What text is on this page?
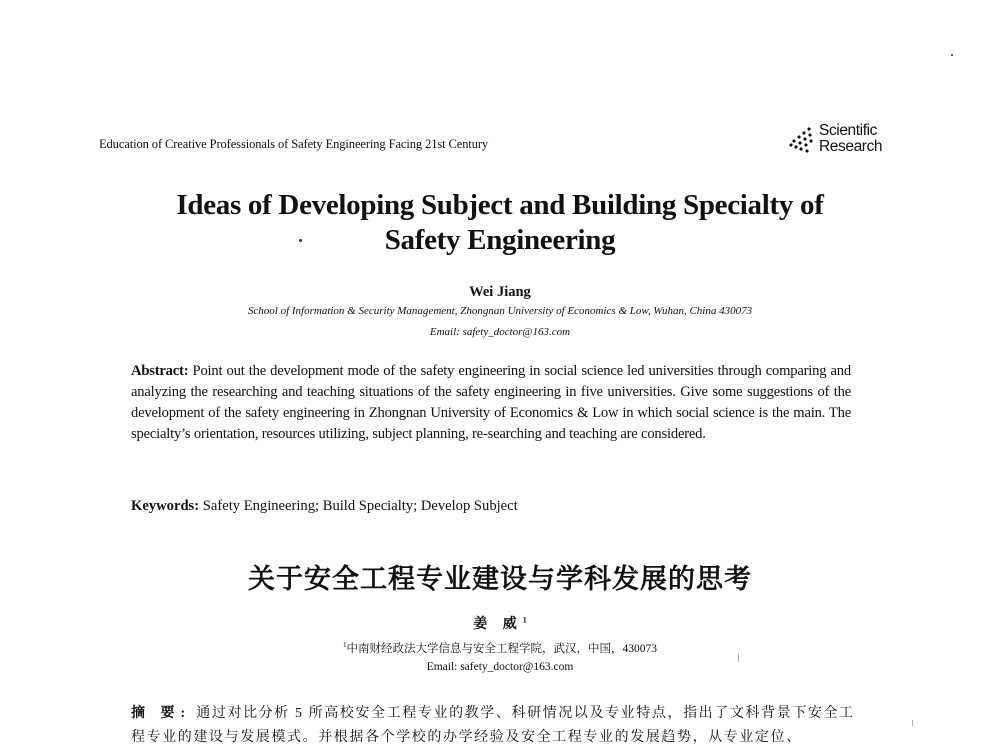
Education of Creative Professionals of Safety Engineering Facing 21st Century
Scientific
Research
Ideas of Developing Subject and Building Specialty of
Safety Engineering
Wei Jiang
School of Information & Security Management, Zhongnan University of Economics & Low, Wuhan, China 430073
Email: safety_doctor@163.com
Abstract: Point out the development mode of the safety engineering in social science led universities through comparing and analyzing the researching and teaching situations of the safety engineering in five universities. Give some suggestions of the development of the safety engineering in Zhongnan University of Economics & Low in which social science is the main. The specialty’s orientation, resources utilizing, subject planning, re-searching and teaching are considered.
Keywords: Safety Engineering; Build Specialty; Develop Subject
关于安全工程专业建设与学科发展的思考
姜 威$^1$
$^1$中南财经政法大学信息与安全工程学院，武汉，中国，430073
Email: safety_doctor@163.com
摘 要: 通过对比分析 5 所高校安全工程专业的教学、科研情况以及专业特点，指出了文科背景下安全工程专业的建设与发展模式。并根据各个学校的办学经验及安全工程专业的发展趋势，从专业定位、
